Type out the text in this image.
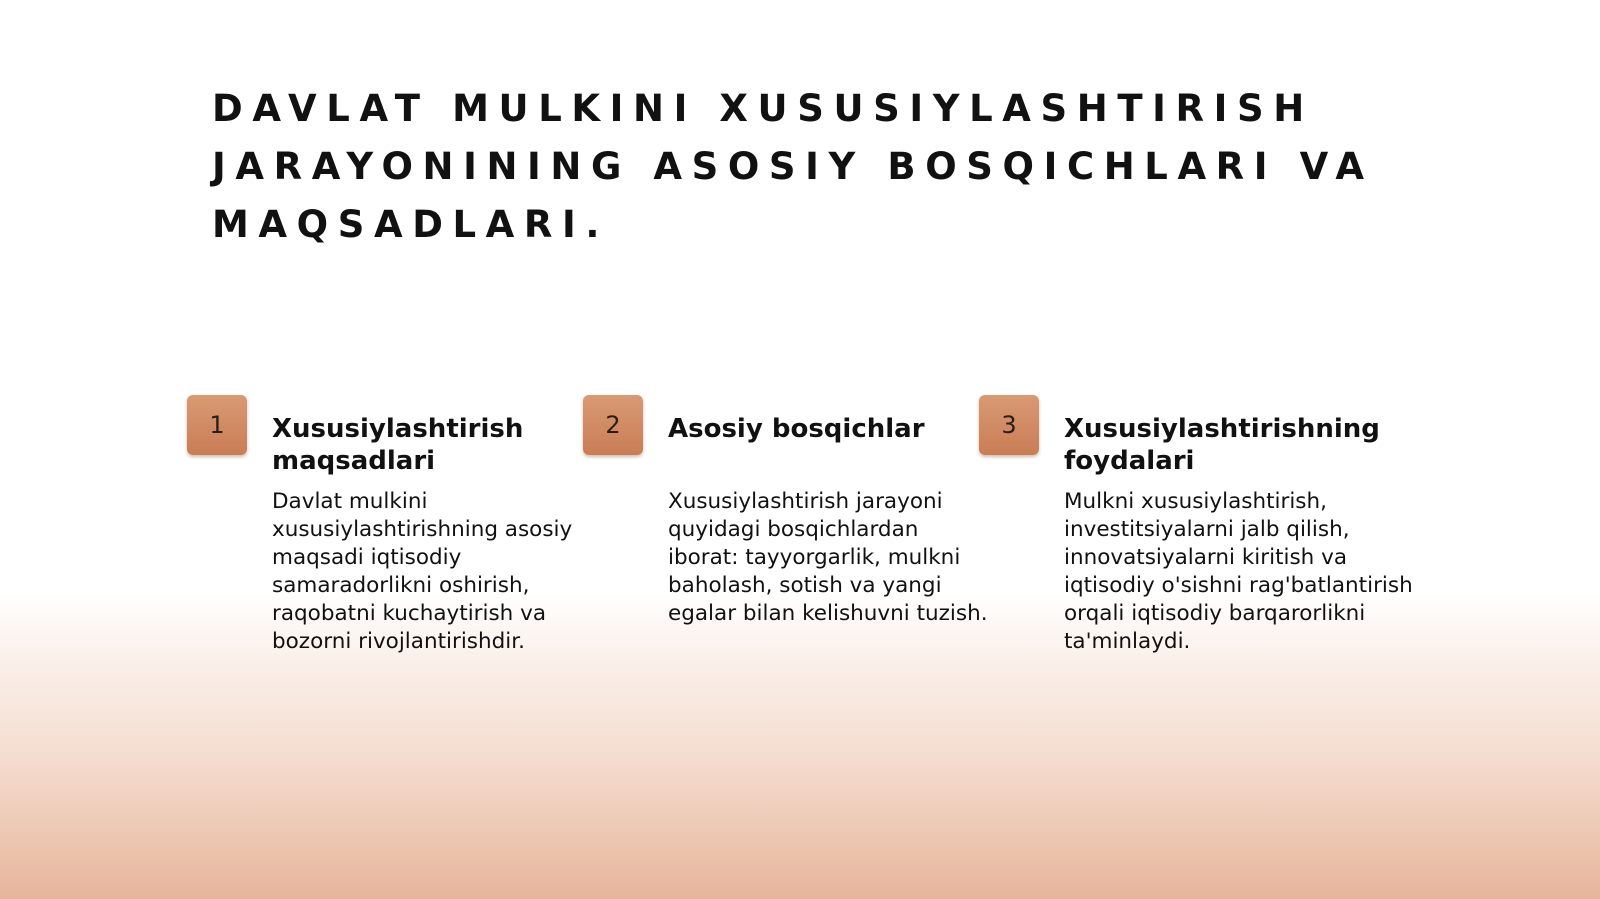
DAVLAT MULKINI XUSUSIYLASHTIRISH JARAYONINING ASOSIY BOSQICHLARI VA MAQSADLARI.
1	Xususiylashtirish maqsadlari

Davlat mulkini xususiylashtirishning asosiy maqsadi iqtisodiy samaradorlikni oshirish, raqobatni kuchaytirish va bozorni rivojlantirishdir.

2	Asosiy bosqichlar

Xususiylashtirish jarayoni quyidagi bosqichlardan iborat: tayyorgarlik, mulkni baholash, sotish va yangi egalar bilan kelishuvni tuzish.

3	Xususiylashtirishning foydalari

Mulkni xususiylashtirish, investitsiyalarni jalb qilish, innovatsiyalarni kiritish va iqtisodiy o'sishni rag'batlantirish orqali iqtisodiy barqarorlikni ta'minlaydi.
